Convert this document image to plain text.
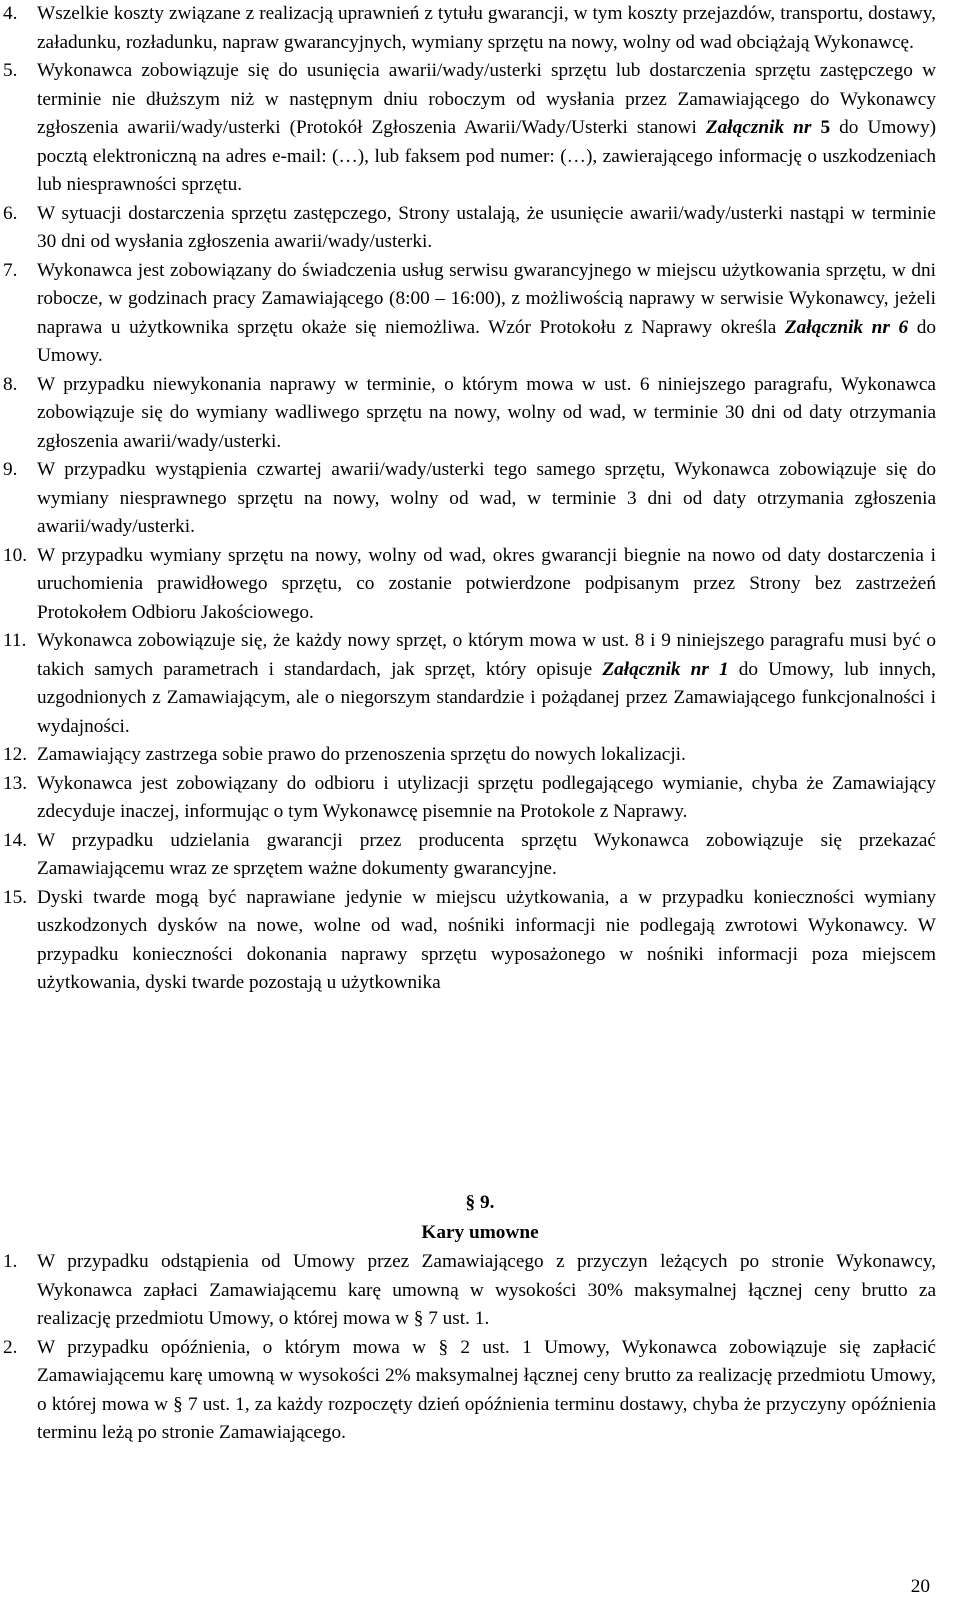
4. Wszelkie koszty związane z realizacją uprawnień z tytułu gwarancji, w tym koszty przejazdów, transportu, dostawy, załadunku, rozładunku, napraw gwarancyjnych, wymiany sprzętu na nowy, wolny od wad obciążają Wykonawcę.
5. Wykonawca zobowiązuje się do usunięcia awarii/wady/usterki sprzętu lub dostarczenia sprzętu zastępczego w terminie nie dłuższym niż w następnym dniu roboczym od wysłania przez Zamawiającego do Wykonawcy zgłoszenia awarii/wady/usterki (Protokół Zgłoszenia Awarii/Wady/Usterki stanowi Załącznik nr 5 do Umowy) pocztą elektroniczną na adres e-mail: (…), lub faksem pod numer: (…), zawierającego informację o uszkodzeniach lub niesprawności sprzętu.
6. W sytuacji dostarczenia sprzętu zastępczego, Strony ustalają, że usunięcie awarii/wady/usterki nastąpi w terminie 30 dni od wysłania zgłoszenia awarii/wady/usterki.
7. Wykonawca jest zobowiązany do świadczenia usług serwisu gwarancyjnego w miejscu użytkowania sprzętu, w dni robocze, w godzinach pracy Zamawiającego (8:00 – 16:00), z możliwością naprawy w serwisie Wykonawcy, jeżeli naprawa u użytkownika sprzętu okaże się niemożliwa. Wzór Protokołu z Naprawy określa Załącznik nr 6 do Umowy.
8. W przypadku niewykonania naprawy w terminie, o którym mowa w ust. 6 niniejszego paragrafu, Wykonawca zobowiązuje się do wymiany wadliwego sprzętu na nowy, wolny od wad, w terminie 30 dni od daty otrzymania zgłoszenia awarii/wady/usterki.
9. W przypadku wystąpienia czwartej awarii/wady/usterki tego samego sprzętu, Wykonawca zobowiązuje się do wymiany niesprawnego sprzętu na nowy, wolny od wad, w terminie 3 dni od daty otrzymania zgłoszenia awarii/wady/usterki.
10. W przypadku wymiany sprzętu na nowy, wolny od wad, okres gwarancji biegnie na nowo od daty dostarczenia i uruchomienia prawidłowego sprzętu, co zostanie potwierdzone podpisanym przez Strony bez zastrzeżeń Protokołem Odbioru Jakościowego.
11. Wykonawca zobowiązuje się, że każdy nowy sprzęt, o którym mowa w ust. 8 i 9 niniejszego paragrafu musi być o takich samych parametrach i standardach, jak sprzęt, który opisuje Załącznik nr 1 do Umowy, lub innych, uzgodnionych z Zamawiającym, ale o niegorszym standardzie i pożądanej przez Zamawiającego funkcjonalności i wydajności.
12. Zamawiający zastrzega sobie prawo do przenoszenia sprzętu do nowych lokalizacji.
13. Wykonawca jest zobowiązany do odbioru i utylizacji sprzętu podlegającego wymianie, chyba że Zamawiający zdecyduje inaczej, informując o tym Wykonawcę pisemnie na Protokole z Naprawy.
14. W przypadku udzielania gwarancji przez producenta sprzętu Wykonawca zobowiązuje się przekazać Zamawiającemu wraz ze sprzętem ważne dokumenty gwarancyjne.
15. Dyski twarde mogą być naprawiane jedynie w miejscu użytkowania, a w przypadku konieczności wymiany uszkodzonych dysków na nowe, wolne od wad, nośniki informacji nie podlegają zwrotowi Wykonawcy. W przypadku konieczności dokonania naprawy sprzętu wyposażonego w nośniki informacji poza miejscem użytkowania, dyski twarde pozostają u użytkownika
§ 9.
Kary umowne
1. W przypadku odstąpienia od Umowy przez Zamawiającego z przyczyn leżących po stronie Wykonawcy, Wykonawca zapłaci Zamawiającemu karę umowną w wysokości 30% maksymalnej łącznej ceny brutto za realizację przedmiotu Umowy, o której mowa w § 7 ust. 1.
2. W przypadku opóźnienia, o którym mowa w § 2 ust. 1 Umowy, Wykonawca zobowiązuje się zapłacić Zamawiającemu karę umowną w wysokości 2% maksymalnej łącznej ceny brutto za realizację przedmiotu Umowy, o której mowa w § 7 ust. 1, za każdy rozpoczęty dzień opóźnienia terminu dostawy, chyba że przyczyny opóźnienia terminu leżą po stronie Zamawiającego.
20
